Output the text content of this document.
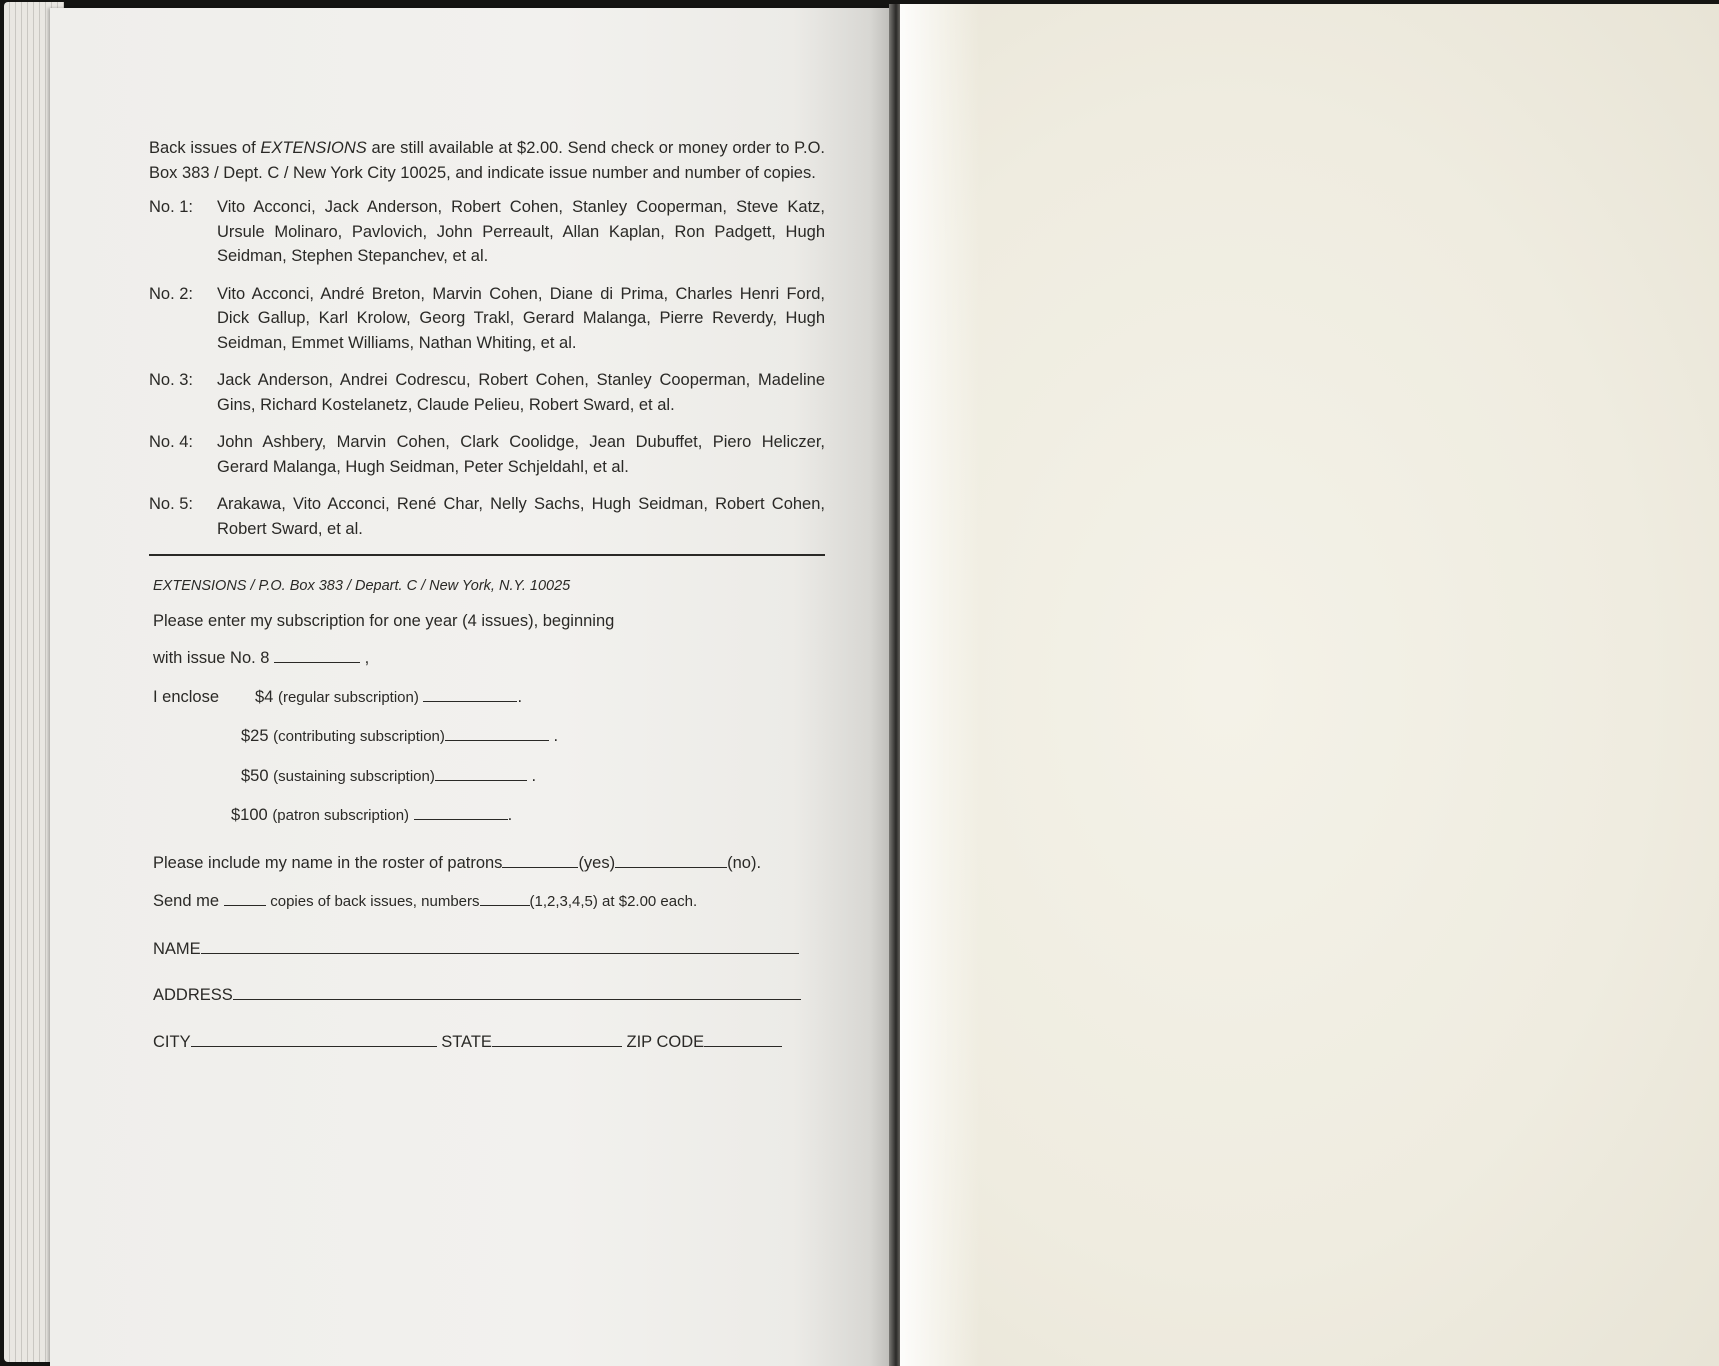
Back issues of EXTENSIONS are still available at $2.00. Send check or money order to P.O. Box 383 / Dept. C / New York City 10025, and indicate issue number and number of copies.

No. 1:	Vito Acconci, Jack Anderson, Robert Cohen, Stanley Cooperman, Steve Katz, Ursule Molinaro, Pavlovich, John Perreault, Allan Kaplan, Ron Padgett, Hugh Seidman, Stephen Stepanchev, et al.
No. 2:	Vito Acconci, André Breton, Marvin Cohen, Diane di Prima, Charles Henri Ford, Dick Gallup, Karl Krolow, Georg Trakl, Gerard Malanga, Pierre Reverdy, Hugh Seidman, Emmet Williams, Nathan Whiting, et al.
No. 3:	Jack Anderson, Andrei Codrescu, Robert Cohen, Stanley Cooperman, Madeline Gins, Richard Kostelanetz, Claude Pelieu, Robert Sward, et al.
No. 4:	John Ashbery, Marvin Cohen, Clark Coolidge, Jean Dubuffet, Piero Heliczer, Gerard Malanga, Hugh Seidman, Peter Schjeldahl, et al.
No. 5:	Arakawa, Vito Acconci, René Char, Nelly Sachs, Hugh Seidman, Robert Cohen, Robert Sward, et al.
EXTENSIONS / P.O. Box 383 / Depart. C / New York, N.Y. 10025
Please enter my subscription for one year (4 issues), beginning
with issue No. 8	,
I enclose $4 (regular subscription)	.
$25 (contributing subscription)	.
$50 (sustaining subscription)	.
$100 (patron subscription)	.
Please include my name in the roster of patrons	(yes)	(no).
Send me	copies of back issues, numbers	(1,2,3,4,5) at $2.00 each.
NAME
ADDRESS
CITY	STATE	ZIP CODE
